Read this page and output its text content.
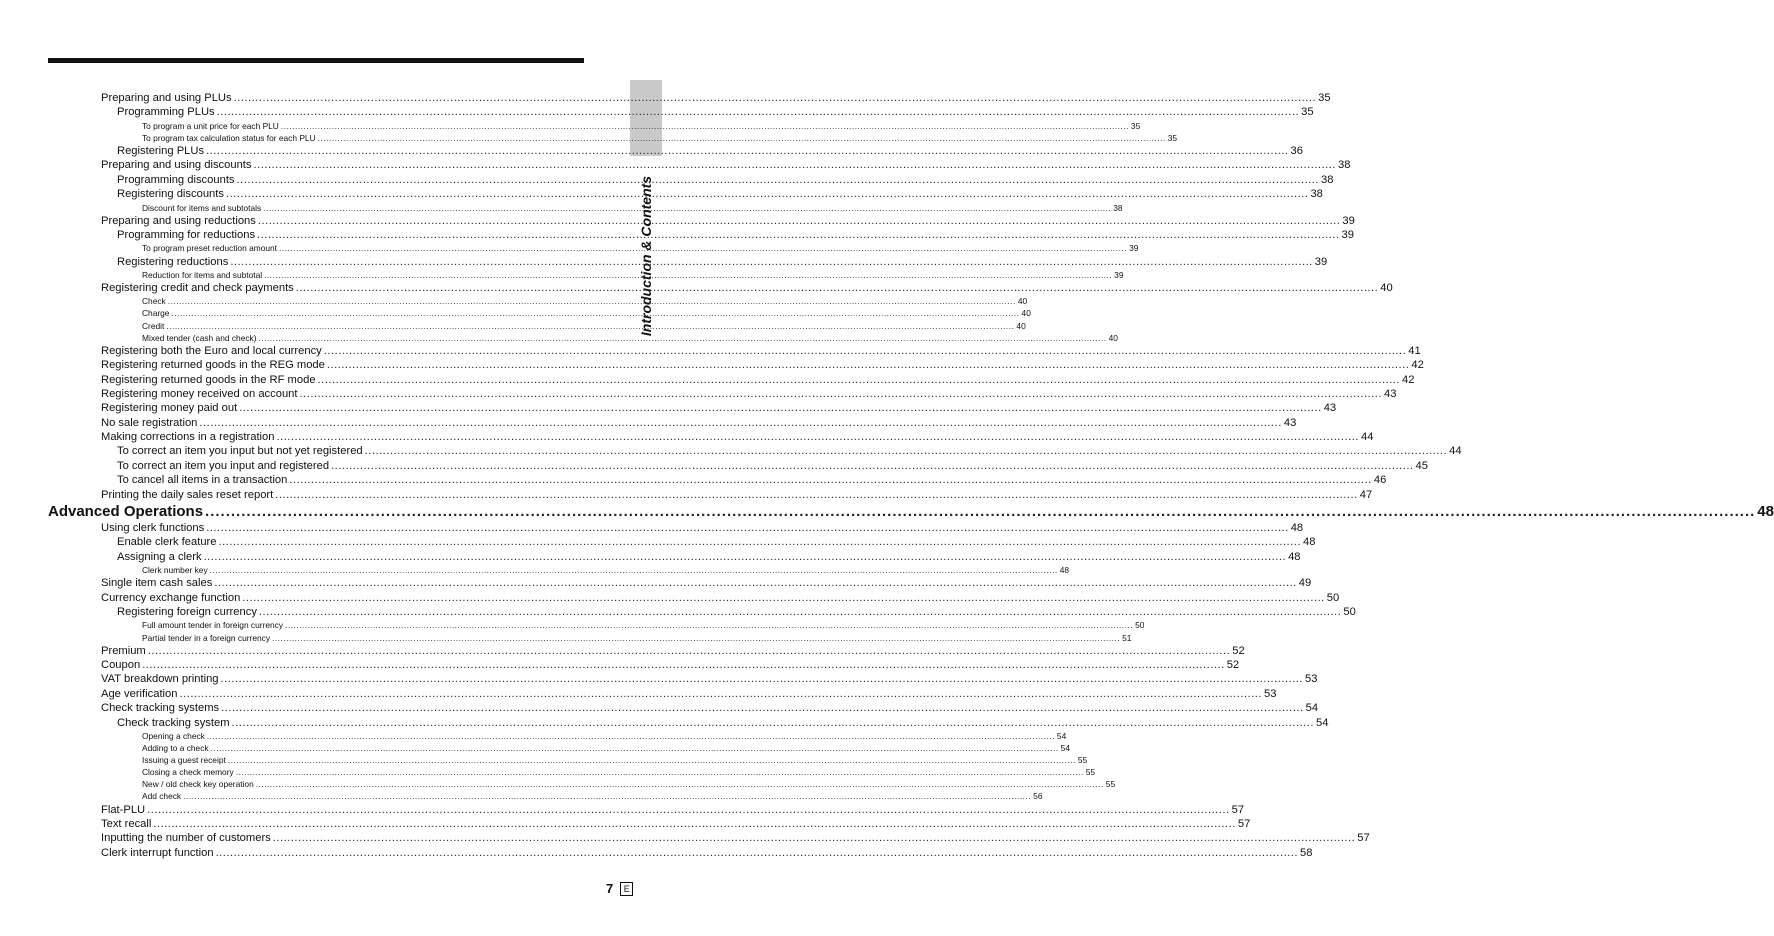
Introduction & Contents
Preparing and using PLUs ............................................................................................................................................................................................................................................................................................................ 35
Programming PLUs ............................................................................................................................................................................................................................................................................................................ 35
To program a unit price for each PLU ............................................................................................................................................................................................................................................................................................................ 35
To program tax calculation status for each PLU ............................................................................................................................................................................................................................................................................................................ 35
Registering PLUs ............................................................................................................................................................................................................................................................................................................ 36
Preparing and using discounts ............................................................................................................................................................................................................................................................................................................ 38
Programming discounts ............................................................................................................................................................................................................................................................................................................ 38
Registering discounts ............................................................................................................................................................................................................................................................................................................ 38
Discount for items and subtotals ............................................................................................................................................................................................................................................................................................................ 38
Preparing and using reductions ............................................................................................................................................................................................................................................................................................................ 39
Programming for reductions ............................................................................................................................................................................................................................................................................................................ 39
To program preset reduction amount ............................................................................................................................................................................................................................................................................................................ 39
Registering reductions ............................................................................................................................................................................................................................................................................................................ 39
Reduction for items and subtotal ............................................................................................................................................................................................................................................................................................................ 39
Registering credit and check payments ............................................................................................................................................................................................................................................................................................................ 40
Check ............................................................................................................................................................................................................................................................................................................ 40
Charge ............................................................................................................................................................................................................................................................................................................ 40
Credit ............................................................................................................................................................................................................................................................................................................ 40
Mixed tender (cash and check) ............................................................................................................................................................................................................................................................................................................ 40
Registering both the Euro and local currency ............................................................................................................................................................................................................................................................................................................ 41
Registering returned goods in the REG mode ............................................................................................................................................................................................................................................................................................................ 42
Registering returned goods in the RF mode ............................................................................................................................................................................................................................................................................................................ 42
Registering money received on account ............................................................................................................................................................................................................................................................................................................ 43
Registering money paid out ............................................................................................................................................................................................................................................................................................................ 43
No sale registration ............................................................................................................................................................................................................................................................................................................ 43
Making corrections in a registration ............................................................................................................................................................................................................................................................................................................ 44
To correct an item you input but not yet registered ............................................................................................................................................................................................................................................................................................................ 44
To correct an item you input and registered ............................................................................................................................................................................................................................................................................................................ 45
To cancel all items in a transaction ............................................................................................................................................................................................................................................................................................................ 46
Printing the daily sales reset report ............................................................................................................................................................................................................................................................................................................ 47
Advanced Operations ............................................................................................................................................................................................................................................................................................................ 48
Using clerk functions ............................................................................................................................................................................................................................................................................................................ 48
Enable clerk feature ............................................................................................................................................................................................................................................................................................................ 48
Assigning a clerk ............................................................................................................................................................................................................................................................................................................ 48
Clerk number key ............................................................................................................................................................................................................................................................................................................ 48
Single item cash sales ............................................................................................................................................................................................................................................................................................................ 49
Currency exchange function ............................................................................................................................................................................................................................................................................................................ 50
Registering foreign currency ............................................................................................................................................................................................................................................................................................................ 50
Full amount tender in foreign currency ............................................................................................................................................................................................................................................................................................................ 50
Partial tender in a foreign currency ............................................................................................................................................................................................................................................................................................................ 51
Premium ............................................................................................................................................................................................................................................................................................................ 52
Coupon ............................................................................................................................................................................................................................................................................................................ 52
VAT breakdown printing ............................................................................................................................................................................................................................................................................................................ 53
Age verification ............................................................................................................................................................................................................................................................................................................ 53
Check tracking systems ............................................................................................................................................................................................................................................................................................................ 54
Check tracking system ............................................................................................................................................................................................................................................................................................................ 54
Opening a check ............................................................................................................................................................................................................................................................................................................ 54
Adding to a check ............................................................................................................................................................................................................................................................................................................ 54
Issuing a guest receipt ............................................................................................................................................................................................................................................................................................................ 55
Closing a check memory ............................................................................................................................................................................................................................................................................................................ 55
New / old check key operation ............................................................................................................................................................................................................................................................................................................ 55
Add check ............................................................................................................................................................................................................................................................................................................ 56
Flat-PLU ............................................................................................................................................................................................................................................................................................................ 57
Text recall ............................................................................................................................................................................................................................................................................................................ 57
Inputting the number of customers ............................................................................................................................................................................................................................................................................................................ 57
Clerk interrupt function ............................................................................................................................................................................................................................................................................................................ 58
7	E
